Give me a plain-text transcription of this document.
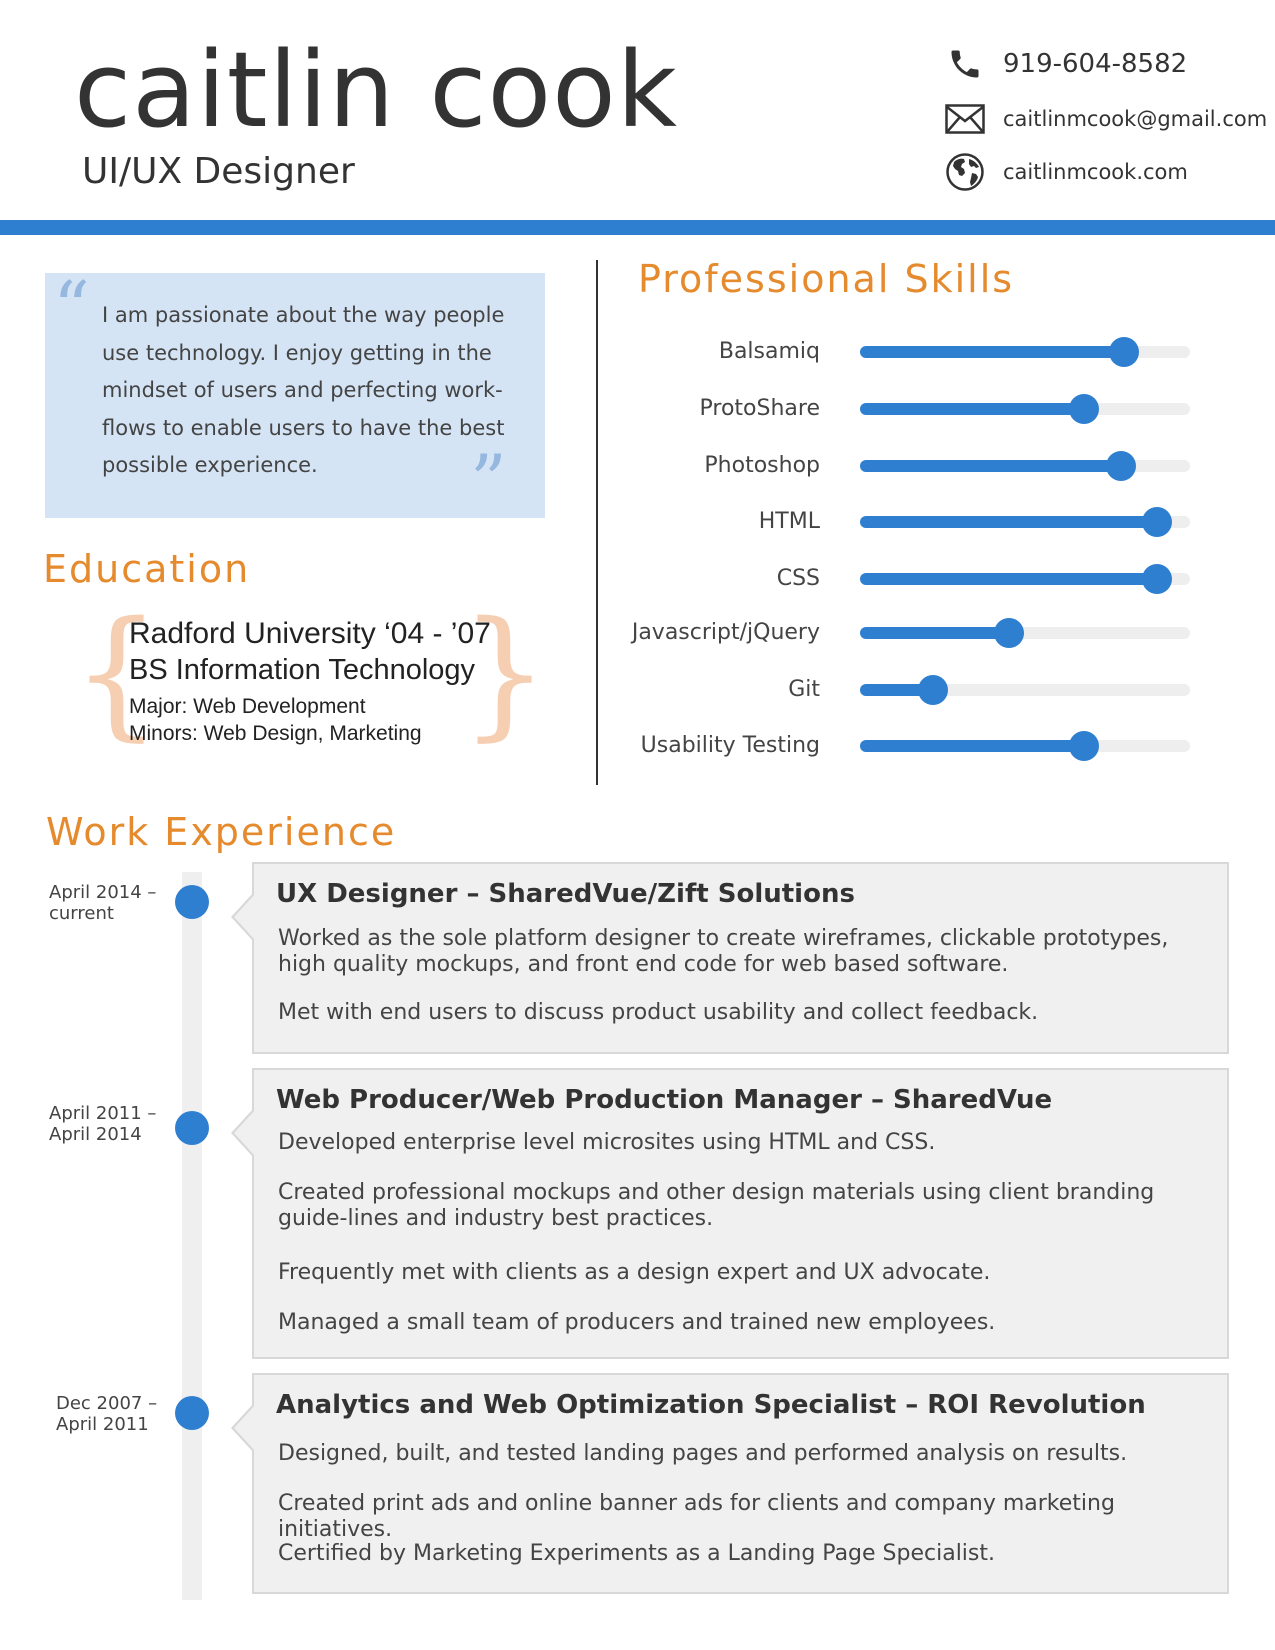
caitlin cook
UI/UX Designer
919-604-8582
caitlinmcook@gmail.com
caitlinmcook.com
“ I am passionate about the way people use technology. I enjoy getting in the mindset of users and perfecting work-flows to enable users to have the best possible experience.	”
Education
{ }
Radford University ‘04 - ’07
BS Information Technology
Major: Web Development
Minors: Web Design, Marketing
Professional Skills
Balsamiq
ProtoShare
Photoshop
HTML
CSS
Javascript/jQuery
Git
Usability Testing
Work Experience
April 2014 –
current
UX Designer – SharedVue/Zift Solutions
Worked as the sole platform designer to create wireframes, clickable prototypes, high quality mockups, and front end code for web based software.
Met with end users to discuss product usability and collect feedback.
April 2011 –
April 2014
Web Producer/Web Production Manager – SharedVue
Developed enterprise level microsites using HTML and CSS.
Created professional mockups and other design materials using client branding guide-lines and industry best practices.
Frequently met with clients as a design expert and UX advocate.
Managed a small team of producers and trained new employees.
Dec 2007 –
April 2011
Analytics and Web Optimization Specialist – ROI Revolution
Designed, built, and tested landing pages and performed analysis on results.
Created print ads and online banner ads for clients and company marketing initiatives.
Certified by Marketing Experiments as a Landing Page Specialist.
